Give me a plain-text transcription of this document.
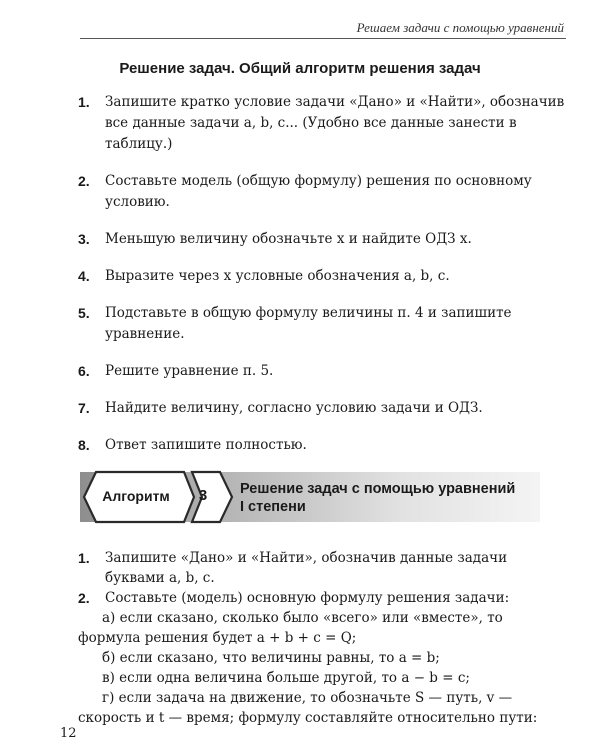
Решаем задачи с помощью уравнений
Решение задач. Общий алгоритм решения задач
1. Запишите кратко условие задачи «Дано» и «Найти», обозначив все данные задачи a, b, c... (Удобно все данные занести в таблицу.)
2. Составьте модель (общую формулу) решения по основному условию.
3. Меньшую величину обозначьте x и найдите ОДЗ x.
4. Выразите через x условные обозначения a, b, c.
5. Подставьте в общую формулу величины п. 4 и запишите уравнение.
6. Решите уравнение п. 5.
7. Найдите величину, согласно условию задачи и ОДЗ.
8. Ответ запишите полностью.
Алгоритм	3	Решение задач с помощью уравнений
I степени
1. Запишите «Дано» и «Найти», обозначив данные задачи буквами a, b, c.
2. Составьте (модель) основную формулу решения задачи:

а) если сказано, сколько было «всего» или «вместе», то формула решения будет a + b + c = Q;

б) если сказано, что величины равны, то a = b;

в) если одна величина больше другой, то a − b = c;

г) если задача на движение, то обозначьте S — путь, v — скорость и t — время; формулу составляйте относительно пути:

12
